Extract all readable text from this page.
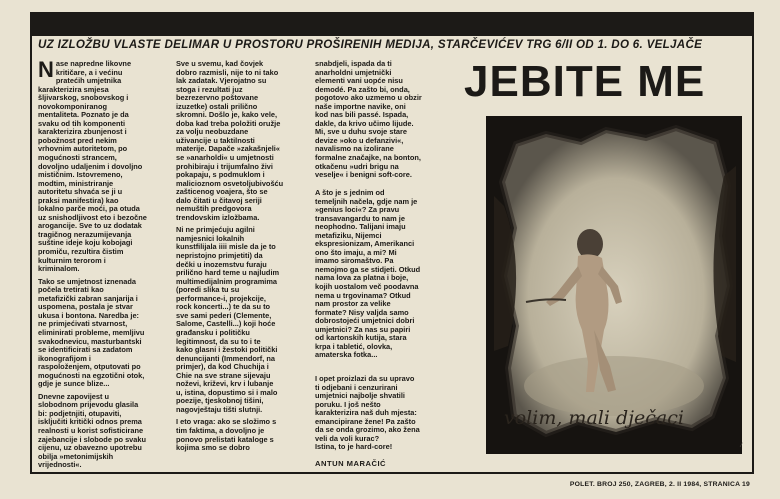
UZ IZLOŽBU VLASTE DELIMAR U PROSTORU PROŠIRENIH MEDIJA, STARČEVIĆEV TRG 6/II OD 1. DO 6. VELJAČE
N ase napredne likovne

kritičare, a i većinu

pratećih umjetnika

karakterizira smjesa

šljivarskog, snobovskog i

novokomponiranog

mentaliteta. Poznato je da

svaku od tih komponenti

karakterizira zbunjenost i

pobožnost pred nekim

vrhovnim autoritetom, po

mogućnosti strancem,

dovoljno udaljenim i dovoljno

mističnim. Istovremeno,

modtim, ministriranje

autoritetu shvaća se ji u

praksi manifestira) kao

lokalno parče moći, pa otuda

uz snishodljivost eto i bezočne

arogancije. Sve to uz dodatak

tragičnog nerazumijevanja

suštine ideje koju kobojagi

promiču, rezultira čistim

kulturnim terorom i

kriminalom.

Tako se umjetnost iznenada

počela tretirati kao

metafizički zabran sanjarija i

uspomena, postala je stvar

ukusa i bontona. Naredba je:

ne primjećivati stvarnost,

eliminirati probleme, memljivu

svakodnevicu, masturbantski

se identificirati sa zadatom

ikonografijom i

raspoloženjem, otputovati po

mogućnosti na egzotični otok,

gdje je sunce blize...

Dnevne zapovijest u

slobodnom prijevodu glasila

bi: podjetnjiti, otupaviti,

isključiti kritički odnos prema

realnosti u korist sofisticirane

zajebancije i slobode po svaku

cijenu, uz obavezno upotrebu

obilja »metonimijskih

vrijednosti«.

Sve u svemu, kad čovjek

dobro razmisli, nije to ni tako

lak zadatak. Vjerojatno su

stoga i rezultati juz

bezrezervno poštovane

izuzetke) ostali prilično

skromni. Došlo je, kako vele,

doba kad treba položiti oružje

za volju neobuzdane

uživancije u taktilnosti

materije. Dapače »zakašnjeli«

se »anarholdi« u umjetnosti

prohibiraju i trijumfalno živi

pokapaju, s podmuklom i

malicioznom osvetoljubivošću

zašticenog voajera, što se

dalo čitati u čitavoj seriji

nemuštih predgovora

trendovskim izložbama.

Ni ne primjećuju agilni

namjesnici lokalnih

kunstfilijala iiii misle da je to

nepristojno primjetiti) da

dečki u inozemstvu furaju

prilično hard teme u najludim

multimedijalnim programima

(poredi slika tu su

performance-i, projekcije,

rock koncerti...) te da su to

sve sami pederi (Clemente,

Salome, Castelli...) koji hoće

građansku i političku

legitimnost, da su to i te

kako glasni i žestoki politički

denuncijanti (Immendorf, na

primjer), da kod Chuchija i

Chie na sve strane sijevaju

noževi, križevi, krv i lubanje

u, istina, dopustimo si i malo

poezije, tjeskobnoj tišini,

nagovještaju tišti slutnji.

I eto vraga: ako se složimo s

tim faktima, a dovoljno je

ponovo prelistati kataloge s

kojima smo se dobro

snabdjeli, ispada da ti

anarholdni umjetnički

elementi vani uopće nisu

demodé. Pa zašto bi, onda,

pogotovo ako uzmemo u obzir

naše importne navike, oni

kod nas bili passé. Ispada,

dakle, da krivo učimo lijude.

Mi, sve u duhu svoje stare

devize »oko u defanzivi«,

navalismo na izolirane

formalne značajke, na bonton,

otkačenu »udri brigu na

veselje« i benigni soft-core.

A što je s jednim od

temeljnih načela, gdje nam je

»genius loci«? Za pravu

transavangardu to nam je

neophodno. Talijani imaju

metafiziku, Nijemci

ekspresionizam, Amerikanci

ono što imaju, a mi? Mi

imamo siromaštvo. Pa

nemojmo ga se stidjeti. Otkud

nama lova za platna i boje,

kojih uostalom več poodavna

nema u trgovinama? Otkud

nam prostor za velike

formate? Nisy valjda samo

dobrostojeći umjetnici dobri

umjetnici? Za nas su papiri

od kartonskih kutija, stara

krpa i tabletić, olovka,

amaterska fotka...

I opet proizlazi da su upravo

ti odjebani i cenzurirani

umjetnici najbolje shvatili

poruku. I još nešto

karakterizira naš duh mjesta:

emancipirane žene! Pa zašto

da se onda grozimo, ako žena

veli da voli kurac?

Istina, to je hard-core!

JEBITE ME
volim, mali dječaci
ANTUN MARAČIĆ
POLET. BROJ 250, ZAGREB, 2. II 1984, STRANICA 19
⁄
